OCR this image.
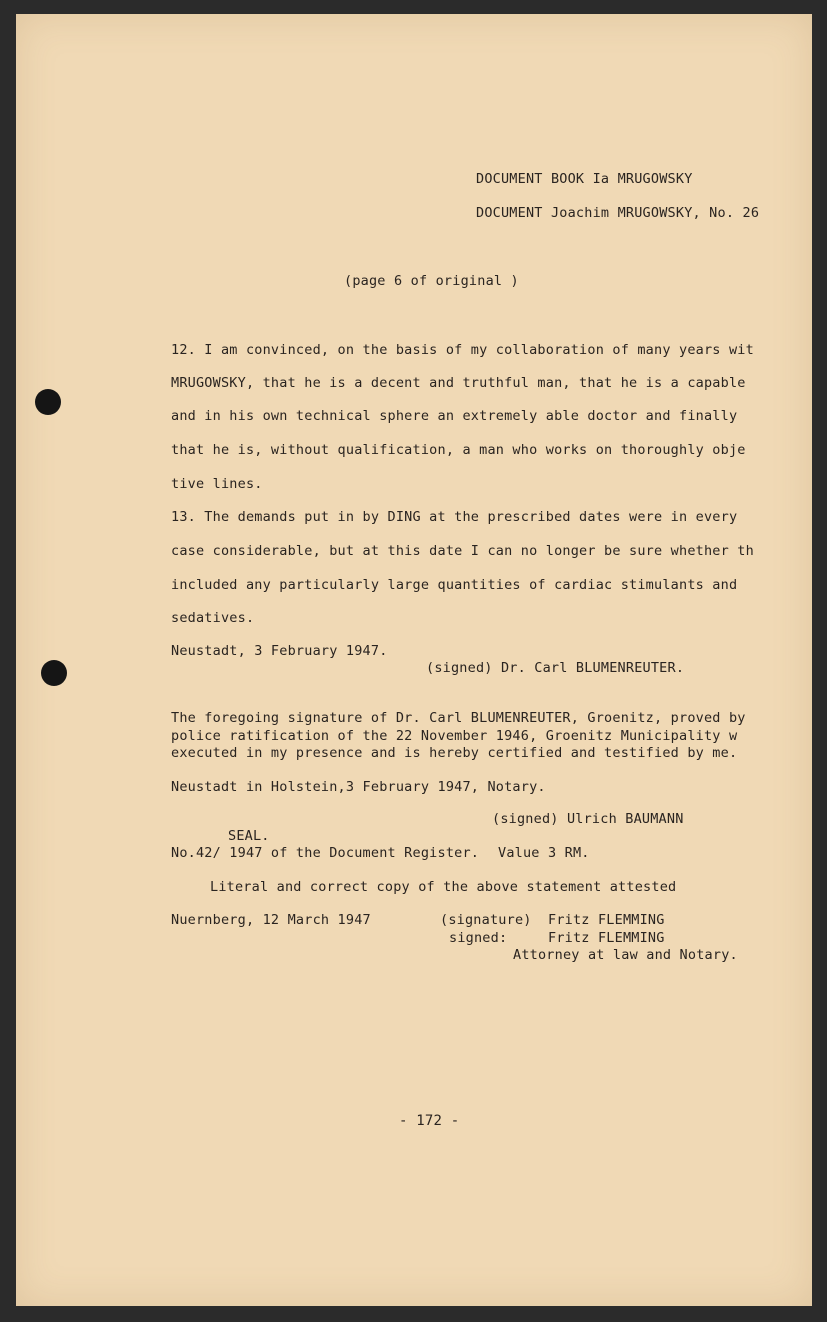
DOCUMENT BOOK Ia MRUGOWSKY
DOCUMENT Joachim MRUGOWSKY, No. 26
(page 6 of original )
12. I am convinced, on the basis of my collaboration of many years wit
MRUGOWSKY, that he is a decent and truthful man, that he is a capable
and in his own technical sphere an extremely able doctor and finally
that he is, without qualification, a man who works on thoroughly obje
tive lines.
13. The demands put in by DING at the prescribed dates were in every
case considerable, but at this date I can no longer be sure whether th
included any particularly large quantities of cardiac stimulants and
sedatives.
Neustadt, 3 February 1947.
(signed) Dr. Carl BLUMENREUTER.
The foregoing signature of Dr. Carl BLUMENREUTER, Groenitz, proved by
police ratification of the 22 November 1946, Groenitz Municipality w
executed in my presence and is hereby certified and testified by me.
Neustadt in Holstein,3 February 1947, Notary.
(signed) Ulrich BAUMANN
SEAL.
No.42/ 1947 of the Document Register. Value 3 RM.
Literal and correct copy of the above statement attested
Nuernberg, 12 March 1947	(signature) Fritz FLEMMING
signed:	Fritz FLEMMING
Attorney at law and Notary.
- 172 -
